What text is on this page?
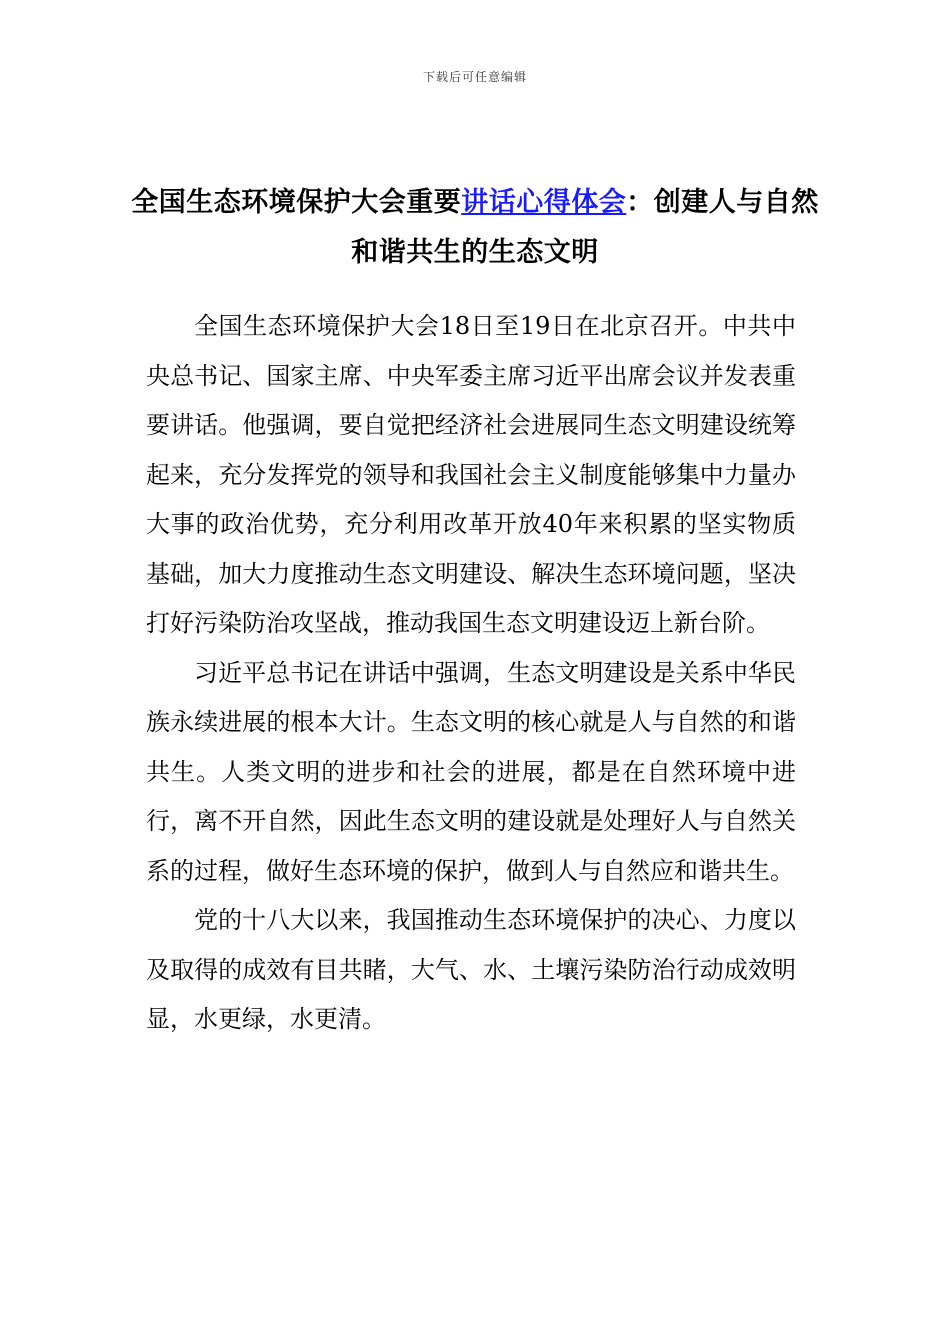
下载后可任意编辑
全国生态环境保护大会重要讲话心得体会：创建人与自然和谐共生的生态文明

全国生态环境保护大会18日至19日在北京召开。中共中央总书记、国家主席、中央军委主席习近平出席会议并发表重要讲话。他强调，要自觉把经济社会进展同生态文明建设统筹起来，充分发挥党的领导和我国社会主义制度能够集中力量办大事的政治优势，充分利用改革开放40年来积累的坚实物质基础，加大力度推动生态文明建设、解决生态环境问题，坚决打好污染防治攻坚战，推动我国生态文明建设迈上新台阶。

习近平总书记在讲话中强调，生态文明建设是关系中华民族永续进展的根本大计。生态文明的核心就是人与自然的和谐共生。人类文明的进步和社会的进展，都是在自然环境中进行，离不开自然，因此生态文明的建设就是处理好人与自然关系的过程，做好生态环境的保护，做到人与自然应和谐共生。

党的十八大以来，我国推动生态环境保护的决心、力度以及取得的成效有目共睹，大气、水、土壤污染防治行动成效明显，水更绿，水更清。
